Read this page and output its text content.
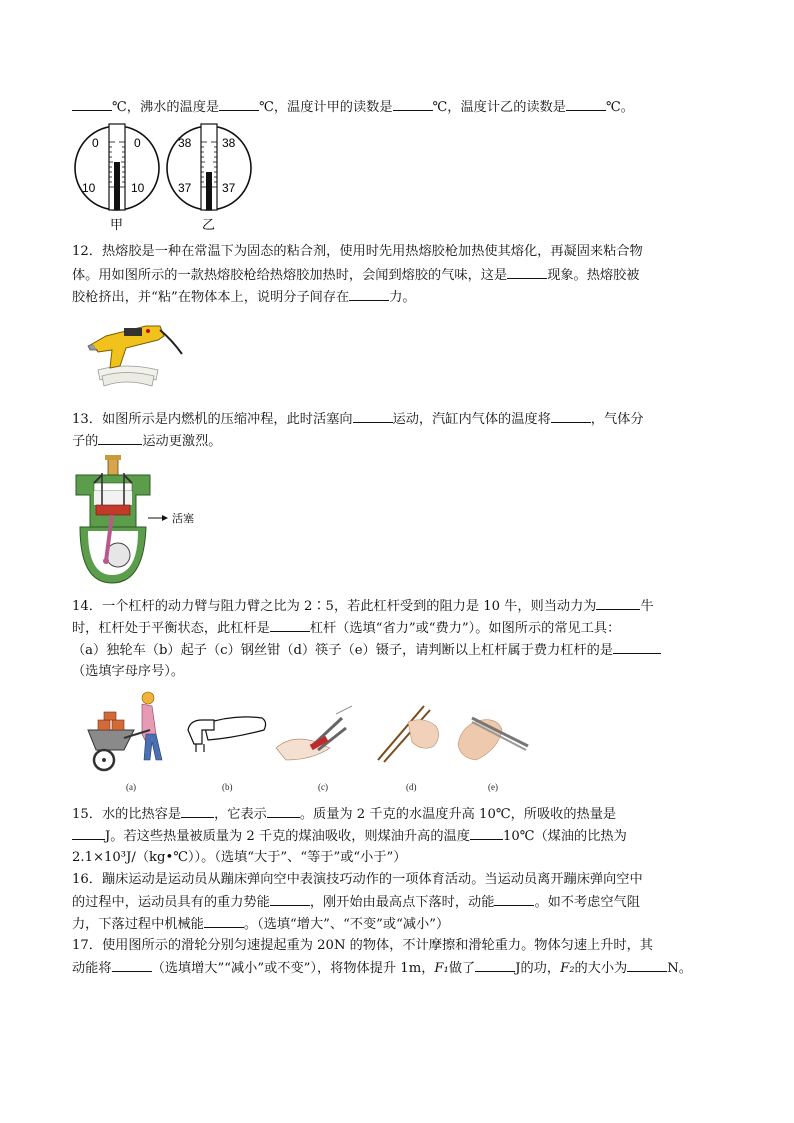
℃，沸水的温度是	℃，温度计甲的读数是	℃，温度计乙的读数是	℃。
0	0
10	10
甲
38	38
37	37
乙
12．热熔胶是一种在常温下为固态的粘合剂，使用时先用热熔胶枪加热使其熔化，再凝固来粘合物
体。用如图所示的一款热熔胶枪给热熔胶加热时，会闻到熔胶的气味，这是	现象。热熔胶被
胶枪挤出，并“粘”在物体本上，说明分子间存在	力。
13．如图所示是内燃机的压缩冲程，此时活塞向	运动，汽缸内气体的温度将	，气体分
子的	运动更激烈。
活塞
14．一个杠杆的动力臂与阻力臂之比为 2∶5，若此杠杆受到的阻力是 10 牛，则当动力为	牛
时，杠杆处于平衡状态，此杠杆是	杠杆（选填“省力”或“费力”）。如图所示的常见工具：
（a）独轮车（b）起子（c）钢丝钳（d）筷子（e）镊子，请判断以上杠杆属于费力杠杆的是
（选填字母序号）。
(a)	(b)	(c)	(d)	(e)
15．水的比热容是	，它表示	。质量为 2 千克的水温度升高 10℃，所吸收的热量是
J。若这些热量被质量为 2 千克的煤油吸收，则煤油升高的温度	10℃（煤油的比热为
2.1×10³J/（kg•℃））。（选填“大于”、“等于”或“小于”）
16．蹦床运动是运动员从蹦床弹向空中表演技巧动作的一项体育活动。当运动员离开蹦床弹向空中
的过程中，运动员具有的重力势能	，刚开始由最高点下落时，动能	。如不考虑空气阻
力，下落过程中机械能	。（选填“增大”、“不变”或“减小”）
17．使用图所示的滑轮分别匀速提起重为 20N 的物体，不计摩擦和滑轮重力。物体匀速上升时，其
动能将	（选填增大”“减小”或不变”），将物体提升 1m，F₁做了	J的功，F₂的大小为	N。
